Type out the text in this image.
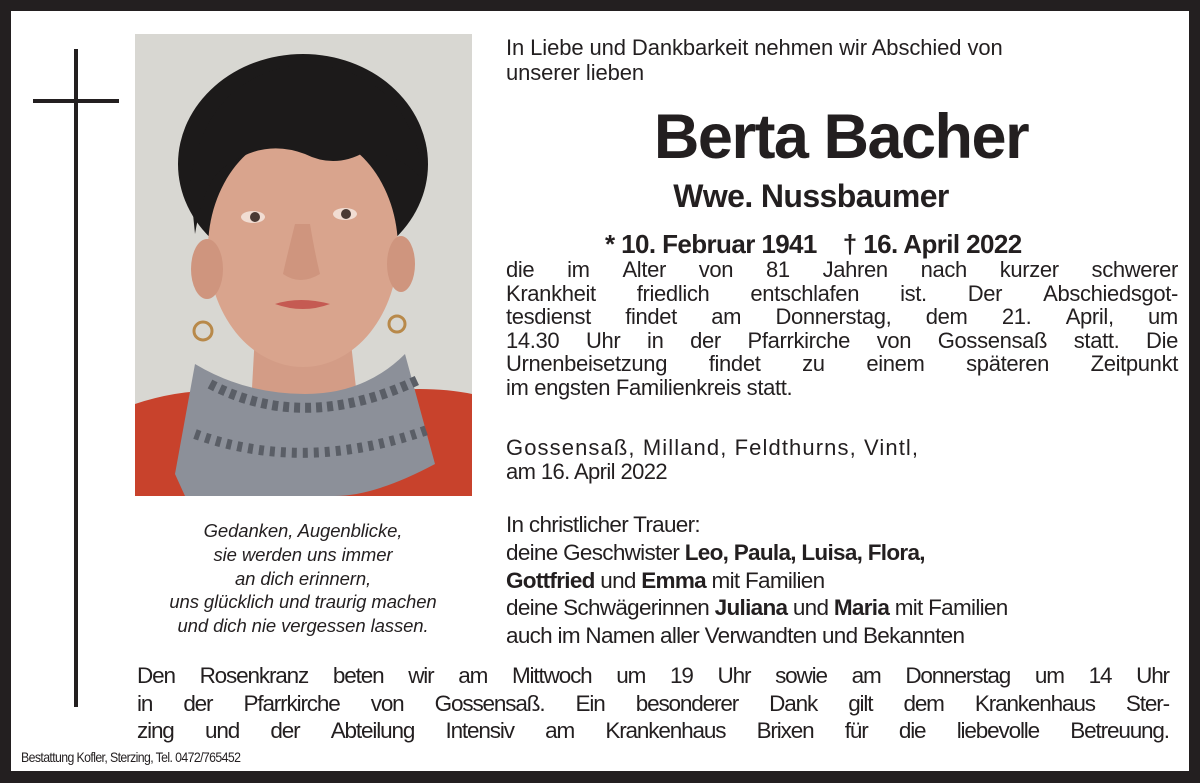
Gedanken, Augenblicke,
sie werden uns immer
an dich erinnern,
uns glücklich und traurig machen
und dich nie vergessen lassen.
In Liebe und Dankbarkeit nehmen wir Abschied von
unserer lieben
Berta Bacher
Wwe. Nussbaumer
* 10. Februar 1941 † 16. April 2022
die im Alter von 81 Jahren nach kurzer schwerer
Krankheit friedlich entschlafen ist. Der Abschiedsgot-
tesdienst findet am Donnerstag, dem 21. April, um
14.30 Uhr in der Pfarrkirche von Gossensaß statt. Die
Urnenbeisetzung findet zu einem späteren Zeitpunkt
im engsten Familienkreis statt.
Gossensaß, Milland, Feldthurns, Vintl,
am 16. April 2022
In christlicher Trauer:
deine Geschwister Leo, Paula, Luisa, Flora,
Gottfried und Emma mit Familien
deine Schwägerinnen Juliana und Maria mit Familien
auch im Namen aller Verwandten und Bekannten
Den Rosenkranz beten wir am Mittwoch um 19 Uhr sowie am Donnerstag um 14 Uhr
in der Pfarrkirche von Gossensaß. Ein besonderer Dank gilt dem Krankenhaus Ster-
zing und der Abteilung Intensiv am Krankenhaus Brixen für die liebevolle Betreuung.
Bestattung Kofler, Sterzing, Tel. 0472/765452
